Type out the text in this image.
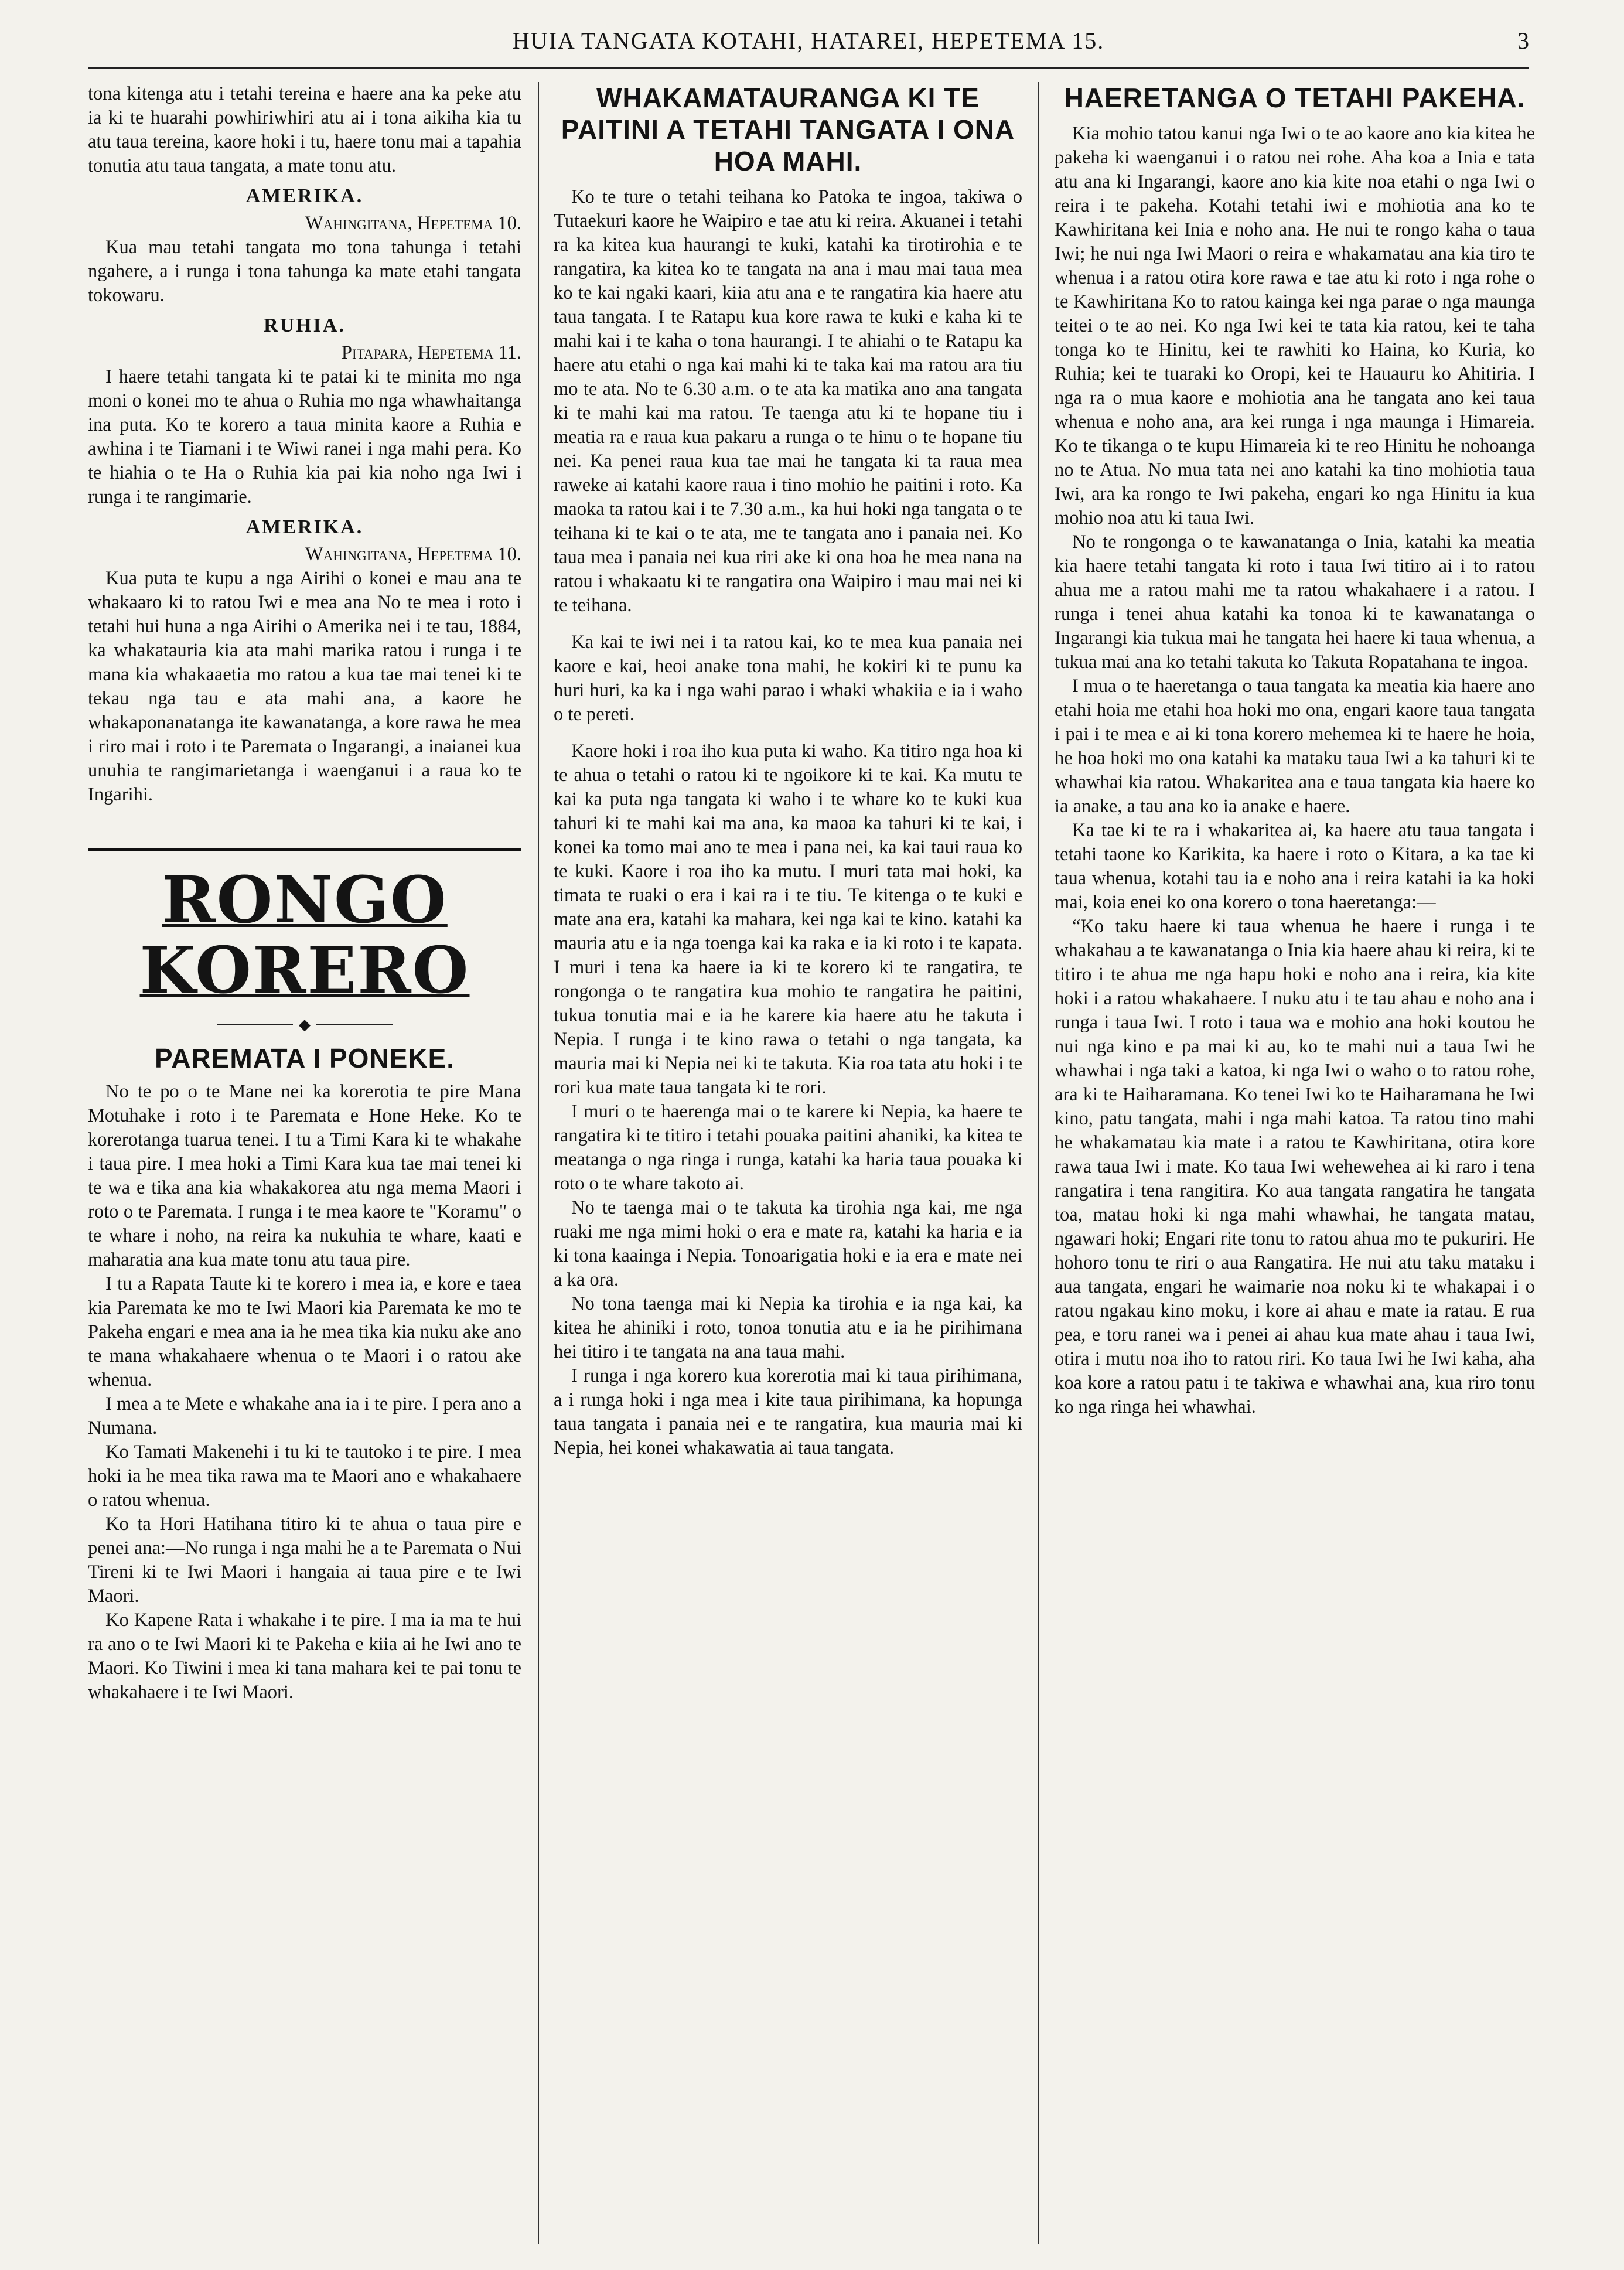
HUIA TANGATA KOTAHI, HATAREI, HEPETEMA 15.	3

tona kitenga atu i tetahi tereina e haere ana ka peke atu ia ki te huarahi powhiriwhiri atu ai i tona aikiha kia tu atu taua tereina, kaore hoki i tu, haere tonu mai a tapahia tonutia atu taua tangata, a mate tonu atu.

AMERIKA.

Wahingitana, Hepetema 10.

Kua mau tetahi tangata mo tona tahunga i tetahi ngahere, a i runga i tona tahunga ka mate etahi tangata tokowaru.

RUHIA.

Pitapara, Hepetema 11.

I haere tetahi tangata ki te patai ki te minita mo nga moni o konei mo te ahua o Ruhia mo nga whawhaitanga ina puta. Ko te korero a taua minita kaore a Ruhia e awhina i te Tiamani i te Wiwi ranei i nga mahi pera. Ko te hiahia o te Ha o Ruhia kia pai kia noho nga Iwi i runga i te rangimarie.

AMERIKA.

Wahingitana, Hepetema 10.

Kua puta te kupu a nga Airihi o konei e mau ana te whakaaro ki to ratou Iwi e mea ana No te mea i roto i tetahi hui huna a nga Airihi o Amerika nei i te tau, 1884, ka whakatauria kia ata mahi marika ratou i runga i te mana kia whakaaetia mo ratou a kua tae mai tenei ki te tekau nga tau e ata mahi ana, a kaore he whakaponanatanga ite kawanatanga, a kore rawa he mea i riro mai i roto i te Paremata o Ingarangi, a inaianei kua unuhia te rangimarietanga i waenganui i a raua ko te Ingarihi.

RONGO KORERO
◆
PAREMATA I PONEKE.

No te po o te Mane nei ka korerotia te pire Mana Motuhake i roto i te Paremata e Hone Heke. Ko te korerotanga tuarua tenei. I tu a Timi Kara ki te whakahe i taua pire. I mea hoki a Timi Kara kua tae mai tenei ki te wa e tika ana kia whakakorea atu nga mema Maori i roto o te Paremata. I runga i te mea kaore te "Koramu" o te whare i noho, na reira ka nukuhia te whare, kaati e maharatia ana kua mate tonu atu taua pire.

I tu a Rapata Taute ki te korero i mea ia, e kore e taea kia Paremata ke mo te Iwi Maori kia Paremata ke mo te Pakeha engari e mea ana ia he mea tika kia nuku ake ano te mana whakahaere whenua o te Maori i o ratou ake whenua.

I mea a te Mete e whakahe ana ia i te pire. I pera ano a Numana.

Ko Tamati Makenehi i tu ki te tautoko i te pire. I mea hoki ia he mea tika rawa ma te Maori ano e whakahaere o ratou whenua.

Ko ta Hori Hatihana titiro ki te ahua o taua pire e penei ana:—No runga i nga mahi he a te Paremata o Nui Tireni ki te Iwi Maori i hangaia ai taua pire e te Iwi Maori.

Ko Kapene Rata i whakahe i te pire. I ma ia ma te hui ra ano o te Iwi Maori ki te Pakeha e kiia ai he Iwi ano te Maori. Ko Tiwini i mea ki tana mahara kei te pai tonu te whakahaere i te Iwi Maori.

WHAKAMATAURANGA KI TE PAITINI A TETAHI TANGATA I ONA HOA MAHI.

Ko te ture o tetahi teihana ko Patoka te ingoa, takiwa o Tutaekuri kaore he Waipiro e tae atu ki reira. Akuanei i tetahi ra ka kitea kua haurangi te kuki, katahi ka tirotirohia e te rangatira, ka kitea ko te tangata na ana i mau mai taua mea ko te kai ngaki kaari, kiia atu ana e te rangatira kia haere atu taua tangata. I te Ratapu kua kore rawa te kuki e kaha ki te mahi kai i te kaha o tona haurangi. I te ahiahi o te Ratapu ka haere atu etahi o nga kai mahi ki te taka kai ma ratou ara tiu mo te ata. No te 6.30 a.m. o te ata ka matika ano ana tangata ki te mahi kai ma ratou. Te taenga atu ki te hopane tiu i meatia ra e raua kua pakaru a runga o te hinu o te hopane tiu nei. Ka penei raua kua tae mai he tangata ki ta raua mea raweke ai katahi kaore raua i tino mohio he paitini i roto. Ka maoka ta ratou kai i te 7.30 a.m., ka hui hoki nga tangata o te teihana ki te kai o te ata, me te tangata ano i panaia nei. Ko taua mea i panaia nei kua riri ake ki ona hoa he mea nana na ratou i whakaatu ki te rangatira ona Waipiro i mau mai nei ki te teihana.

Ka kai te iwi nei i ta ratou kai, ko te mea kua panaia nei kaore e kai, heoi anake tona mahi, he kokiri ki te punu ka huri huri, ka ka i nga wahi parao i whaki whakiia e ia i waho o te pereti.

Kaore hoki i roa iho kua puta ki waho. Ka titiro nga hoa ki te ahua o tetahi o ratou ki te ngoikore ki te kai. Ka mutu te kai ka puta nga tangata ki waho i te whare ko te kuki kua tahuri ki te mahi kai ma ana, ka maoa ka tahuri ki te kai, i konei ka tomo mai ano te mea i pana nei, ka kai taui raua ko te kuki. Kaore i roa iho ka mutu. I muri tata mai hoki, ka timata te ruaki o era i kai ra i te tiu. Te kitenga o te kuki e mate ana era, katahi ka mahara, kei nga kai te kino. katahi ka mauria atu e ia nga toenga kai ka raka e ia ki roto i te kapata. I muri i tena ka haere ia ki te korero ki te rangatira, te rongonga o te rangatira kua mohio te rangatira he paitini, tukua tonutia mai e ia he karere kia haere atu he takuta i Nepia. I runga i te kino rawa o tetahi o nga tangata, ka mauria mai ki Nepia nei ki te takuta. Kia roa tata atu hoki i te rori kua mate taua tangata ki te rori.

I muri o te haerenga mai o te karere ki Nepia, ka haere te rangatira ki te titiro i tetahi pouaka paitini ahaniki, ka kitea te meatanga o nga ringa i runga, katahi ka haria taua pouaka ki roto o te whare takoto ai.

No te taenga mai o te takuta ka tirohia nga kai, me nga ruaki me nga mimi hoki o era e mate ra, katahi ka haria e ia ki tona kaainga i Nepia. Tonoarigatia hoki e ia era e mate nei a ka ora.

No tona taenga mai ki Nepia ka tirohia e ia nga kai, ka kitea he ahiniki i roto, tonoa tonutia atu e ia he pirihimana hei titiro i te tangata na ana taua mahi.

I runga i nga korero kua korerotia mai ki taua pirihimana, a i runga hoki i nga mea i kite taua pirihimana, ka hopunga taua tangata i panaia nei e te rangatira, kua mauria mai ki Nepia, hei konei whakawatia ai taua tangata.

HAERETANGA O TETAHI PAKEHA.

Kia mohio tatou kanui nga Iwi o te ao kaore ano kia kitea he pakeha ki waenganui i o ratou nei rohe. Aha koa a Inia e tata atu ana ki Ingarangi, kaore ano kia kite noa etahi o nga Iwi o reira i te pakeha. Kotahi tetahi iwi e mohiotia ana ko te Kawhiritana kei Inia e noho ana. He nui te rongo kaha o taua Iwi; he nui nga Iwi Maori o reira e whakamatau ana kia tiro te whenua i a ratou otira kore rawa e tae atu ki roto i nga rohe o te Kawhiritana Ko to ratou kainga kei nga parae o nga maunga teitei o te ao nei. Ko nga Iwi kei te tata kia ratou, kei te taha tonga ko te Hinitu, kei te rawhiti ko Haina, ko Kuria, ko Ruhia; kei te tuaraki ko Oropi, kei te Hauauru ko Ahitiria. I nga ra o mua kaore e mohiotia ana he tangata ano kei taua whenua e noho ana, ara kei runga i nga maunga i Himareia. Ko te tikanga o te kupu Himareia ki te reo Hinitu he nohoanga no te Atua. No mua tata nei ano katahi ka tino mohiotia taua Iwi, ara ka rongo te Iwi pakeha, engari ko nga Hinitu ia kua mohio noa atu ki taua Iwi.

No te rongonga o te kawanatanga o Inia, katahi ka meatia kia haere tetahi tangata ki roto i taua Iwi titiro ai i to ratou ahua me a ratou mahi me ta ratou whakahaere i a ratou. I runga i tenei ahua katahi ka tonoa ki te kawanatanga o Ingarangi kia tukua mai he tangata hei haere ki taua whenua, a tukua mai ana ko tetahi takuta ko Takuta Ropatahana te ingoa.

I mua o te haeretanga o taua tangata ka meatia kia haere ano etahi hoia me etahi hoa hoki mo ona, engari kaore taua tangata i pai i te mea e ai ki tona korero mehemea ki te haere he hoia, he hoa hoki mo ona katahi ka mataku taua Iwi a ka tahuri ki te whawhai kia ratou. Whakaritea ana e taua tangata kia haere ko ia anake, a tau ana ko ia anake e haere.

Ka tae ki te ra i whakaritea ai, ka haere atu taua tangata i tetahi taone ko Karikita, ka haere i roto o Kitara, a ka tae ki taua whenua, kotahi tau ia e noho ana i reira katahi ia ka hoki mai, koia enei ko ona korero o tona haeretanga:—

“Ko taku haere ki taua whenua he haere i runga i te whakahau a te kawanatanga o Inia kia haere ahau ki reira, ki te titiro i te ahua me nga hapu hoki e noho ana i reira, kia kite hoki i a ratou whakahaere. I nuku atu i te tau ahau e noho ana i runga i taua Iwi. I roto i taua wa e mohio ana hoki koutou he nui nga kino e pa mai ki au, ko te mahi nui a taua Iwi he whawhai i nga taki a katoa, ki nga Iwi o waho o to ratou rohe, ara ki te Haiharamana. Ko tenei Iwi ko te Haiharamana he Iwi kino, patu tangata, mahi i nga mahi katoa. Ta ratou tino mahi he whakamatau kia mate i a ratou te Kawhiritana, otira kore rawa taua Iwi i mate. Ko taua Iwi wehewehea ai ki raro i tena rangatira i tena rangitira. Ko aua tangata rangatira he tangata toa, matau hoki ki nga mahi whawhai, he tangata matau, ngawari hoki; Engari rite tonu to ratou ahua mo te pukuriri. He hohoro tonu te riri o aua Rangatira. He nui atu taku mataku i aua tangata, engari he waimarie noa noku ki te whakapai i o ratou ngakau kino moku, i kore ai ahau e mate ia ratau. E rua pea, e toru ranei wa i penei ai ahau kua mate ahau i taua Iwi, otira i mutu noa iho to ratou riri. Ko taua Iwi he Iwi kaha, aha koa kore a ratou patu i te takiwa e whawhai ana, kua riro tonu ko nga ringa hei whawhai.
